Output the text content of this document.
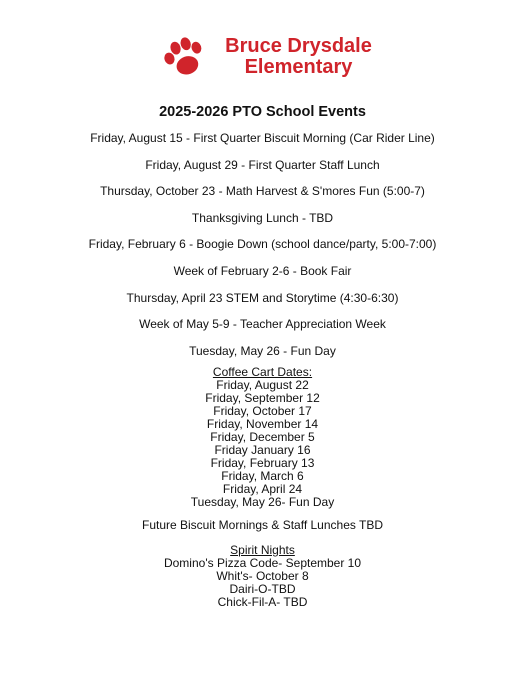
Bruce Drysdale
Elementary
2025-2026 PTO School Events
Friday, August 15 - First Quarter Biscuit Morning (Car Rider Line)
Friday, August 29 - First Quarter Staff Lunch
Thursday, October 23 - Math Harvest & S'mores Fun (5:00-7)
Thanksgiving Lunch - TBD
Friday, February 6 - Boogie Down (school dance/party, 5:00-7:00)
Week of February 2-6 - Book Fair
Thursday, April 23 STEM and Storytime (4:30-6:30)
Week of May 5-9 - Teacher Appreciation Week
Tuesday, May 26 - Fun Day
Coffee Cart Dates:
Friday, August 22
Friday, September 12
Friday, October 17
Friday, November 14
Friday, December 5
Friday January 16
Friday, February 13
Friday, March 6
Friday, April 24
Tuesday, May 26- Fun Day
Future Biscuit Mornings & Staff Lunches TBD
Spirit Nights
Domino's Pizza Code- September 10
Whit's- October 8
Dairi-O-TBD
Chick-Fil-A- TBD
